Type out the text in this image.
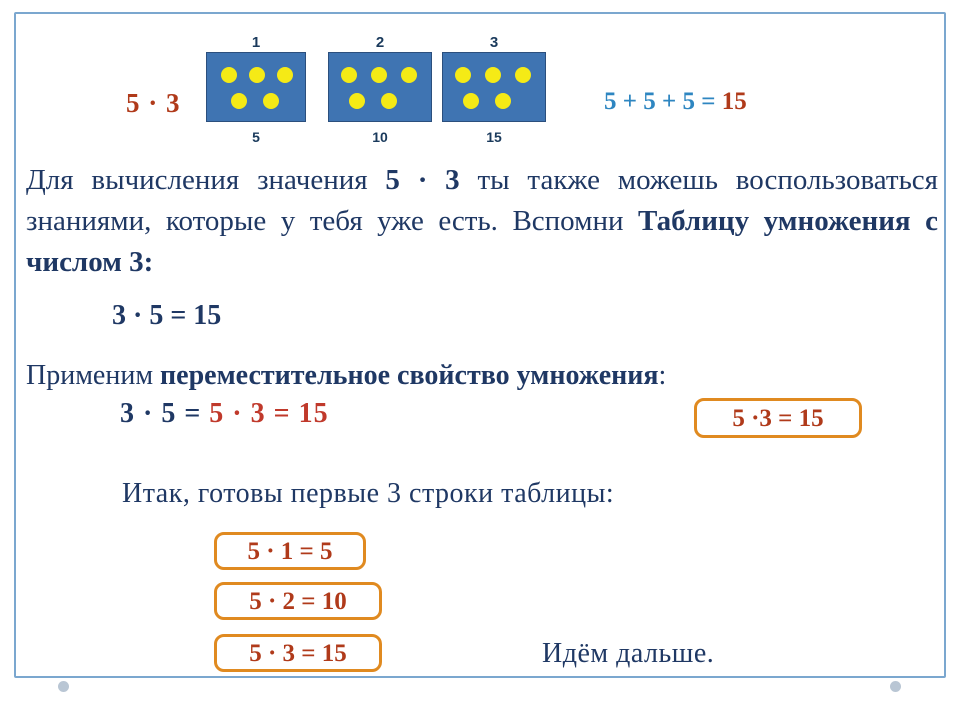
5 · 3
1
5
2
10
3
15
5 + 5 + 5 = 15
Для вычисления значения 5 · 3 ты также можешь воспользоваться знаниями, которые у тебя уже есть. Вспомни Таблицу умножения с числом 3:
3 · 5 = 15
Применим переместительное свойство умножения:
3 · 5 = 5 · 3 = 15	5 ·3 = 15
Итак, готовы первые 3 строки таблицы:
5 · 1 = 5
5 · 2 = 10
5 · 3 = 15	Идём дальше.
